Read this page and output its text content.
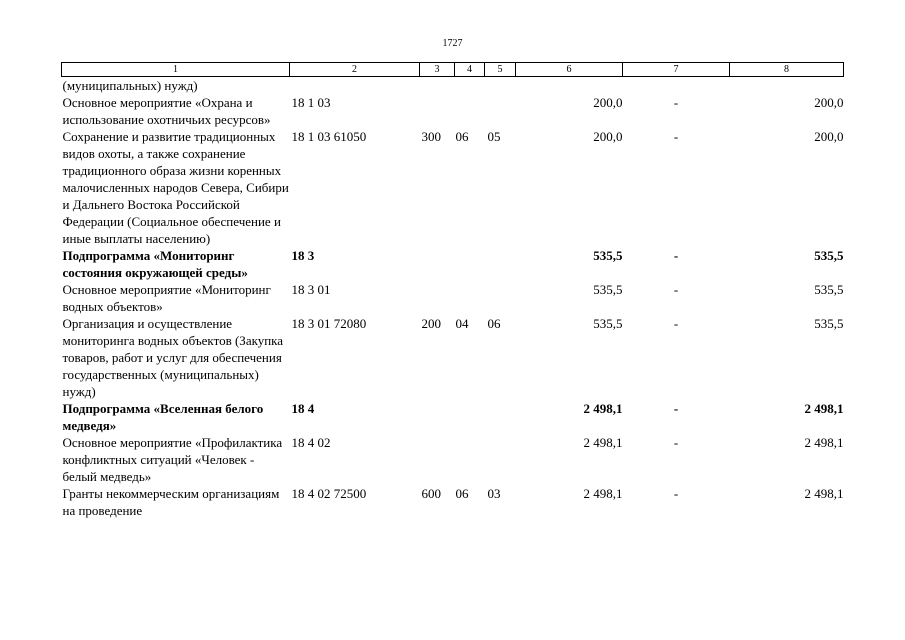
1727
1	2	3	4	5	6	7	8
(муниципальных) нужд)							
Основное мероприятие «Охрана и использование охотничьих ресурсов»	18 1 03				200,0	-	200,0
Сохранение и развитие традиционных видов охоты, а также сохранение традиционного образа жизни коренных малочисленных народов Севера, Сибири и Дальнего Востока Российской Федерации (Социальное обеспечение и иные выплаты населению)	18 1 03 61050	300	06	05	200,0	-	200,0
Подпрограмма «Мониторинг состояния окружающей среды»	18 3				535,5	-	535,5
Основное мероприятие «Мониторинг водных объектов»	18 3 01				535,5	-	535,5
Организация и осуществление мониторинга водных объектов (Закупка товаров, работ и услуг для обеспечения государственных (муниципальных) нужд)	18 3 01 72080	200	04	06	535,5	-	535,5
Подпрограмма «Вселенная белого медведя»	18 4				2 498,1	-	2 498,1
Основное мероприятие «Профилактика конфликтных ситуаций «Человек - белый медведь»	18 4 02				2 498,1	-	2 498,1
Гранты некоммерческим организациям на проведение	18 4 02 72500	600	06	03	2 498,1	-	2 498,1
